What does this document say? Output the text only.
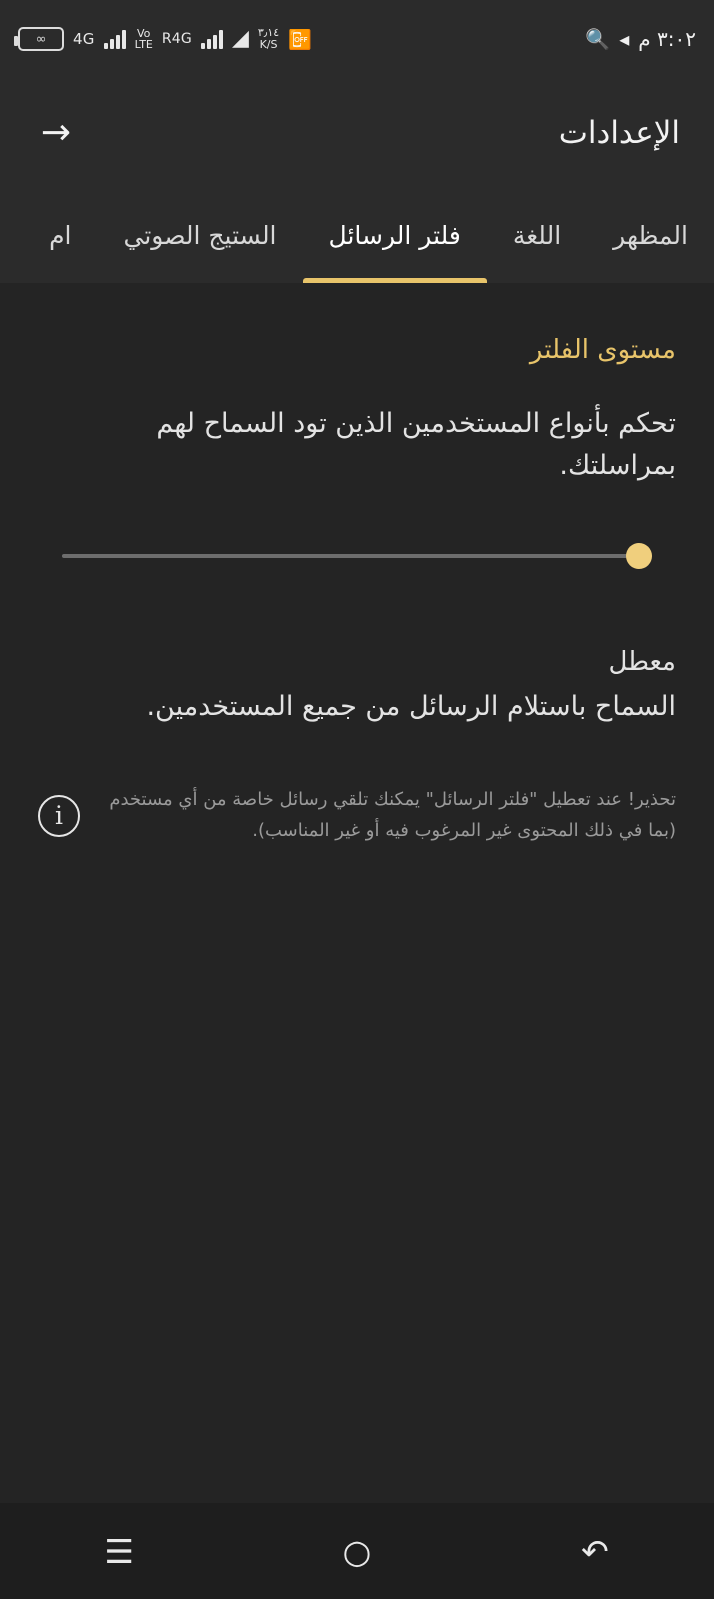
∞ 4G	Vo
LTE R4G ◢ ٣٫١٤
K/S 📴	🔍 ◂ ٣:٠٢ م
الإعدادات
→
المظهر
اللغة
فلتر الرسائل
الستيج الصوتي
ام
مستوى الفلتر
تحكم بأنواع المستخدمين الذين تود السماح لهم بمراسلتك.
معطل
السماح باستلام الرسائل من جميع المستخدمين.
تحذير! عند تعطيل "فلتر الرسائل" يمكنك تلقي رسائل خاصة من أي مستخدم (بما في ذلك المحتوى غير المرغوب فيه أو غير المناسب).
i
☰	○	↶
